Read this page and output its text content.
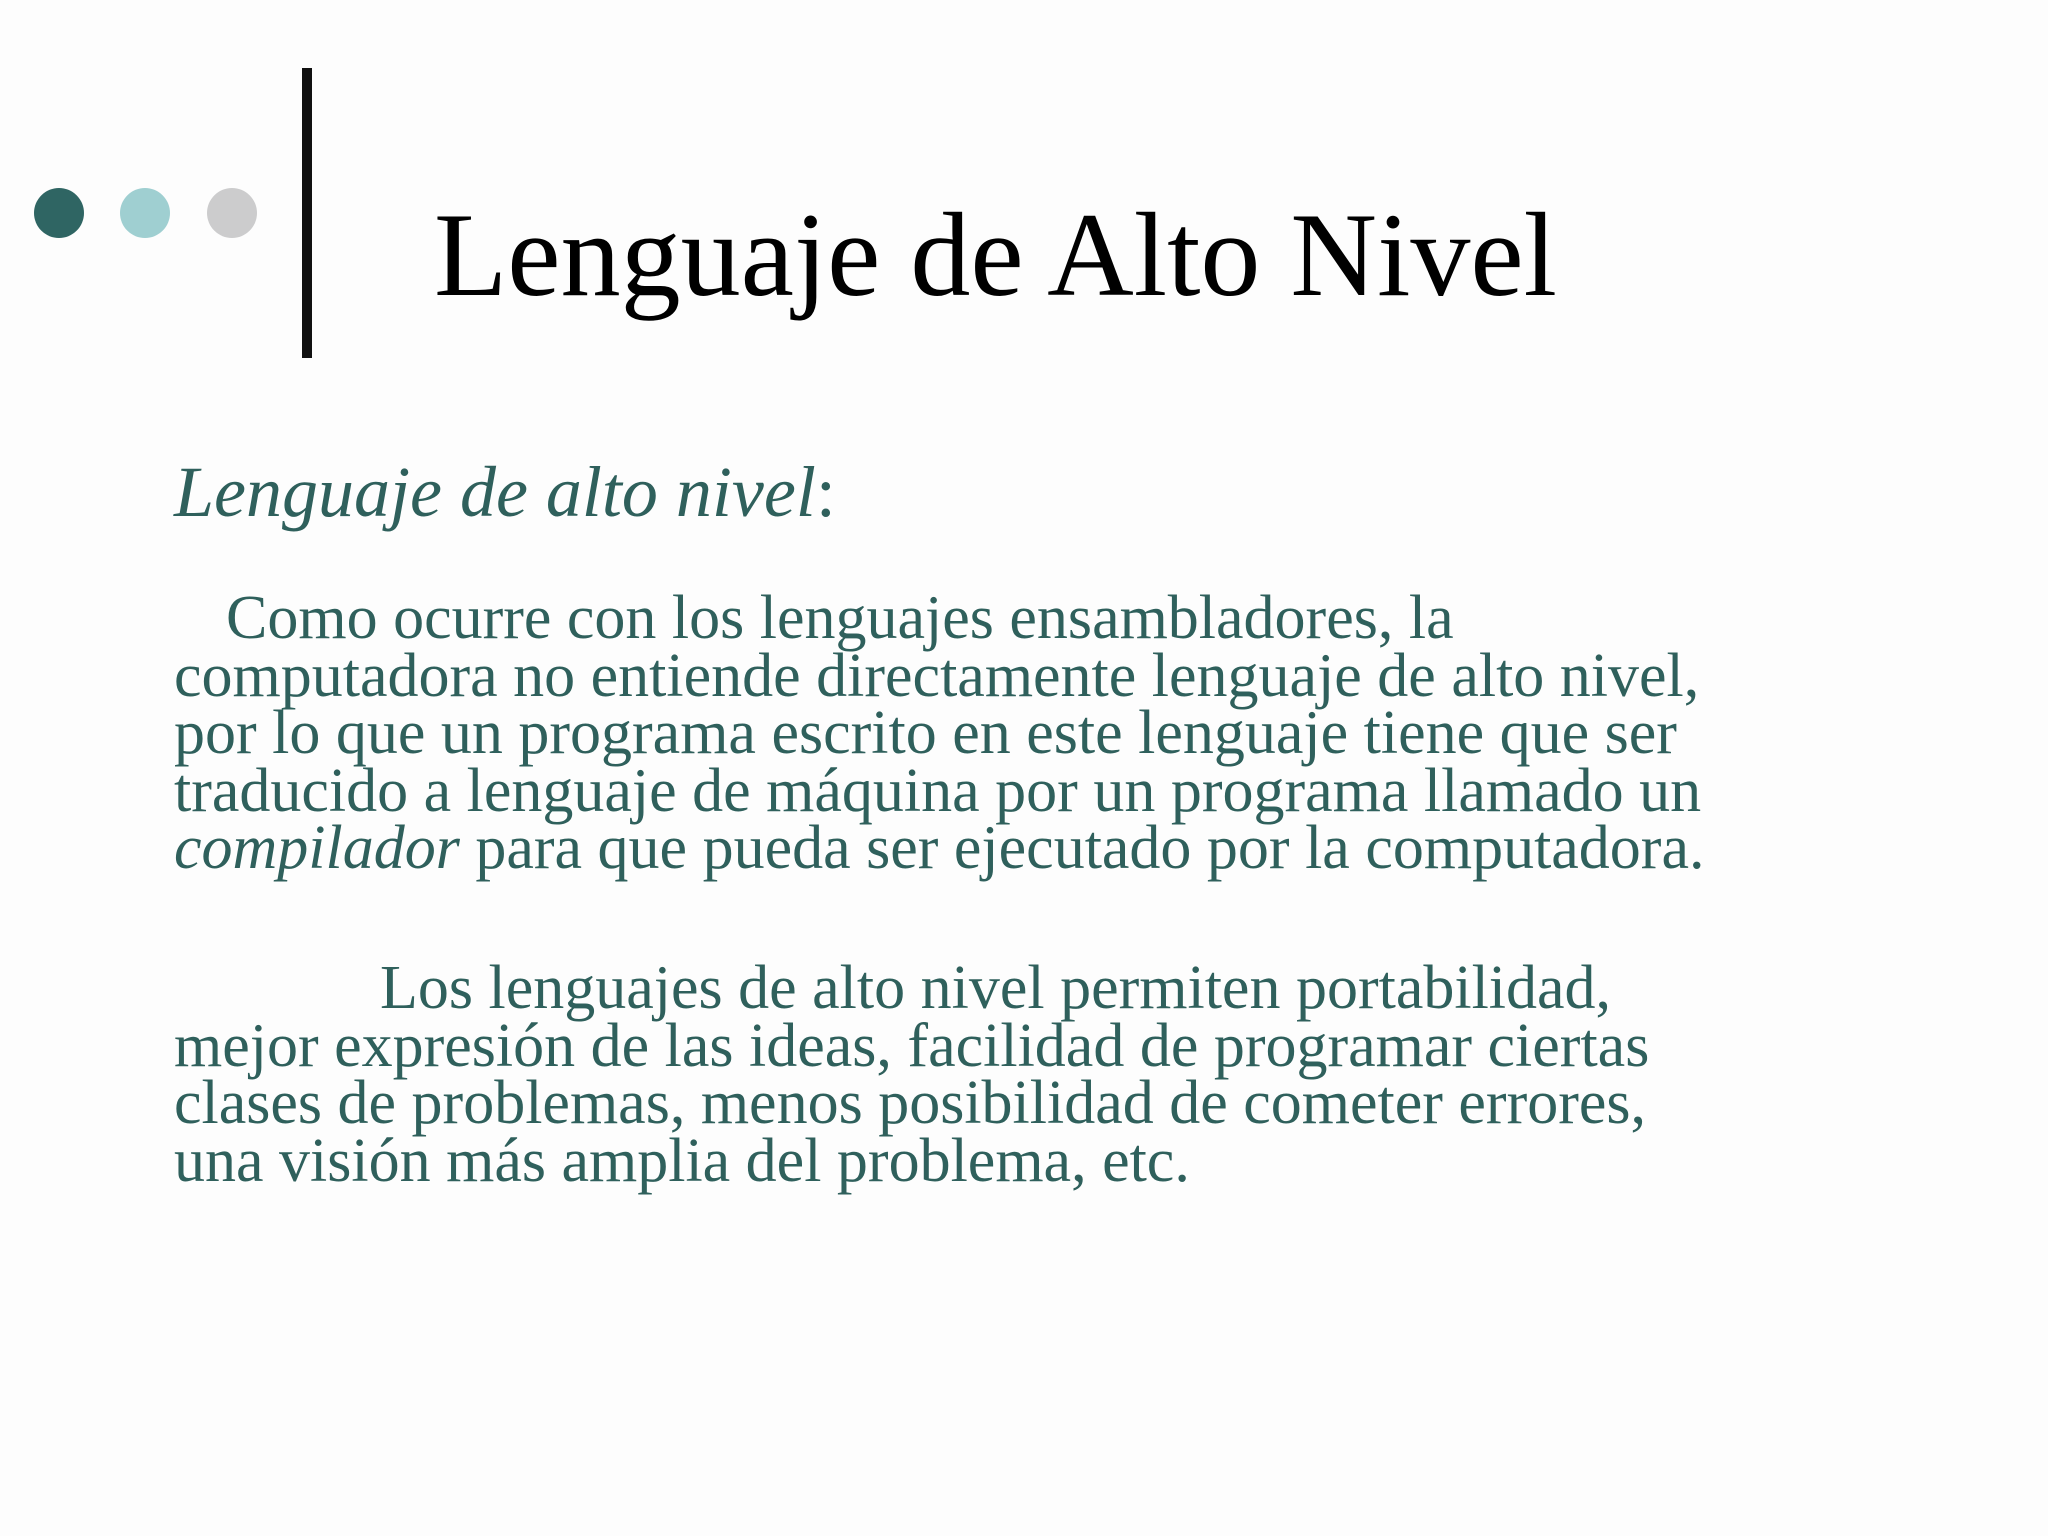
Lenguaje de Alto Nivel
Lenguaje de alto nivel:
Como ocurre con los lenguajes ensambladores, la
computadora no entiende directamente lenguaje de alto nivel,
por lo que un programa escrito en este lenguaje tiene que ser
traducido a lenguaje de máquina por un programa llamado un
compilador para que pueda ser ejecutado por la computadora.
Los lenguajes de alto nivel permiten portabilidad,
mejor expresión de las ideas, facilidad de programar ciertas
clases de problemas, menos posibilidad de cometer errores,
una visión más amplia del problema, etc.
